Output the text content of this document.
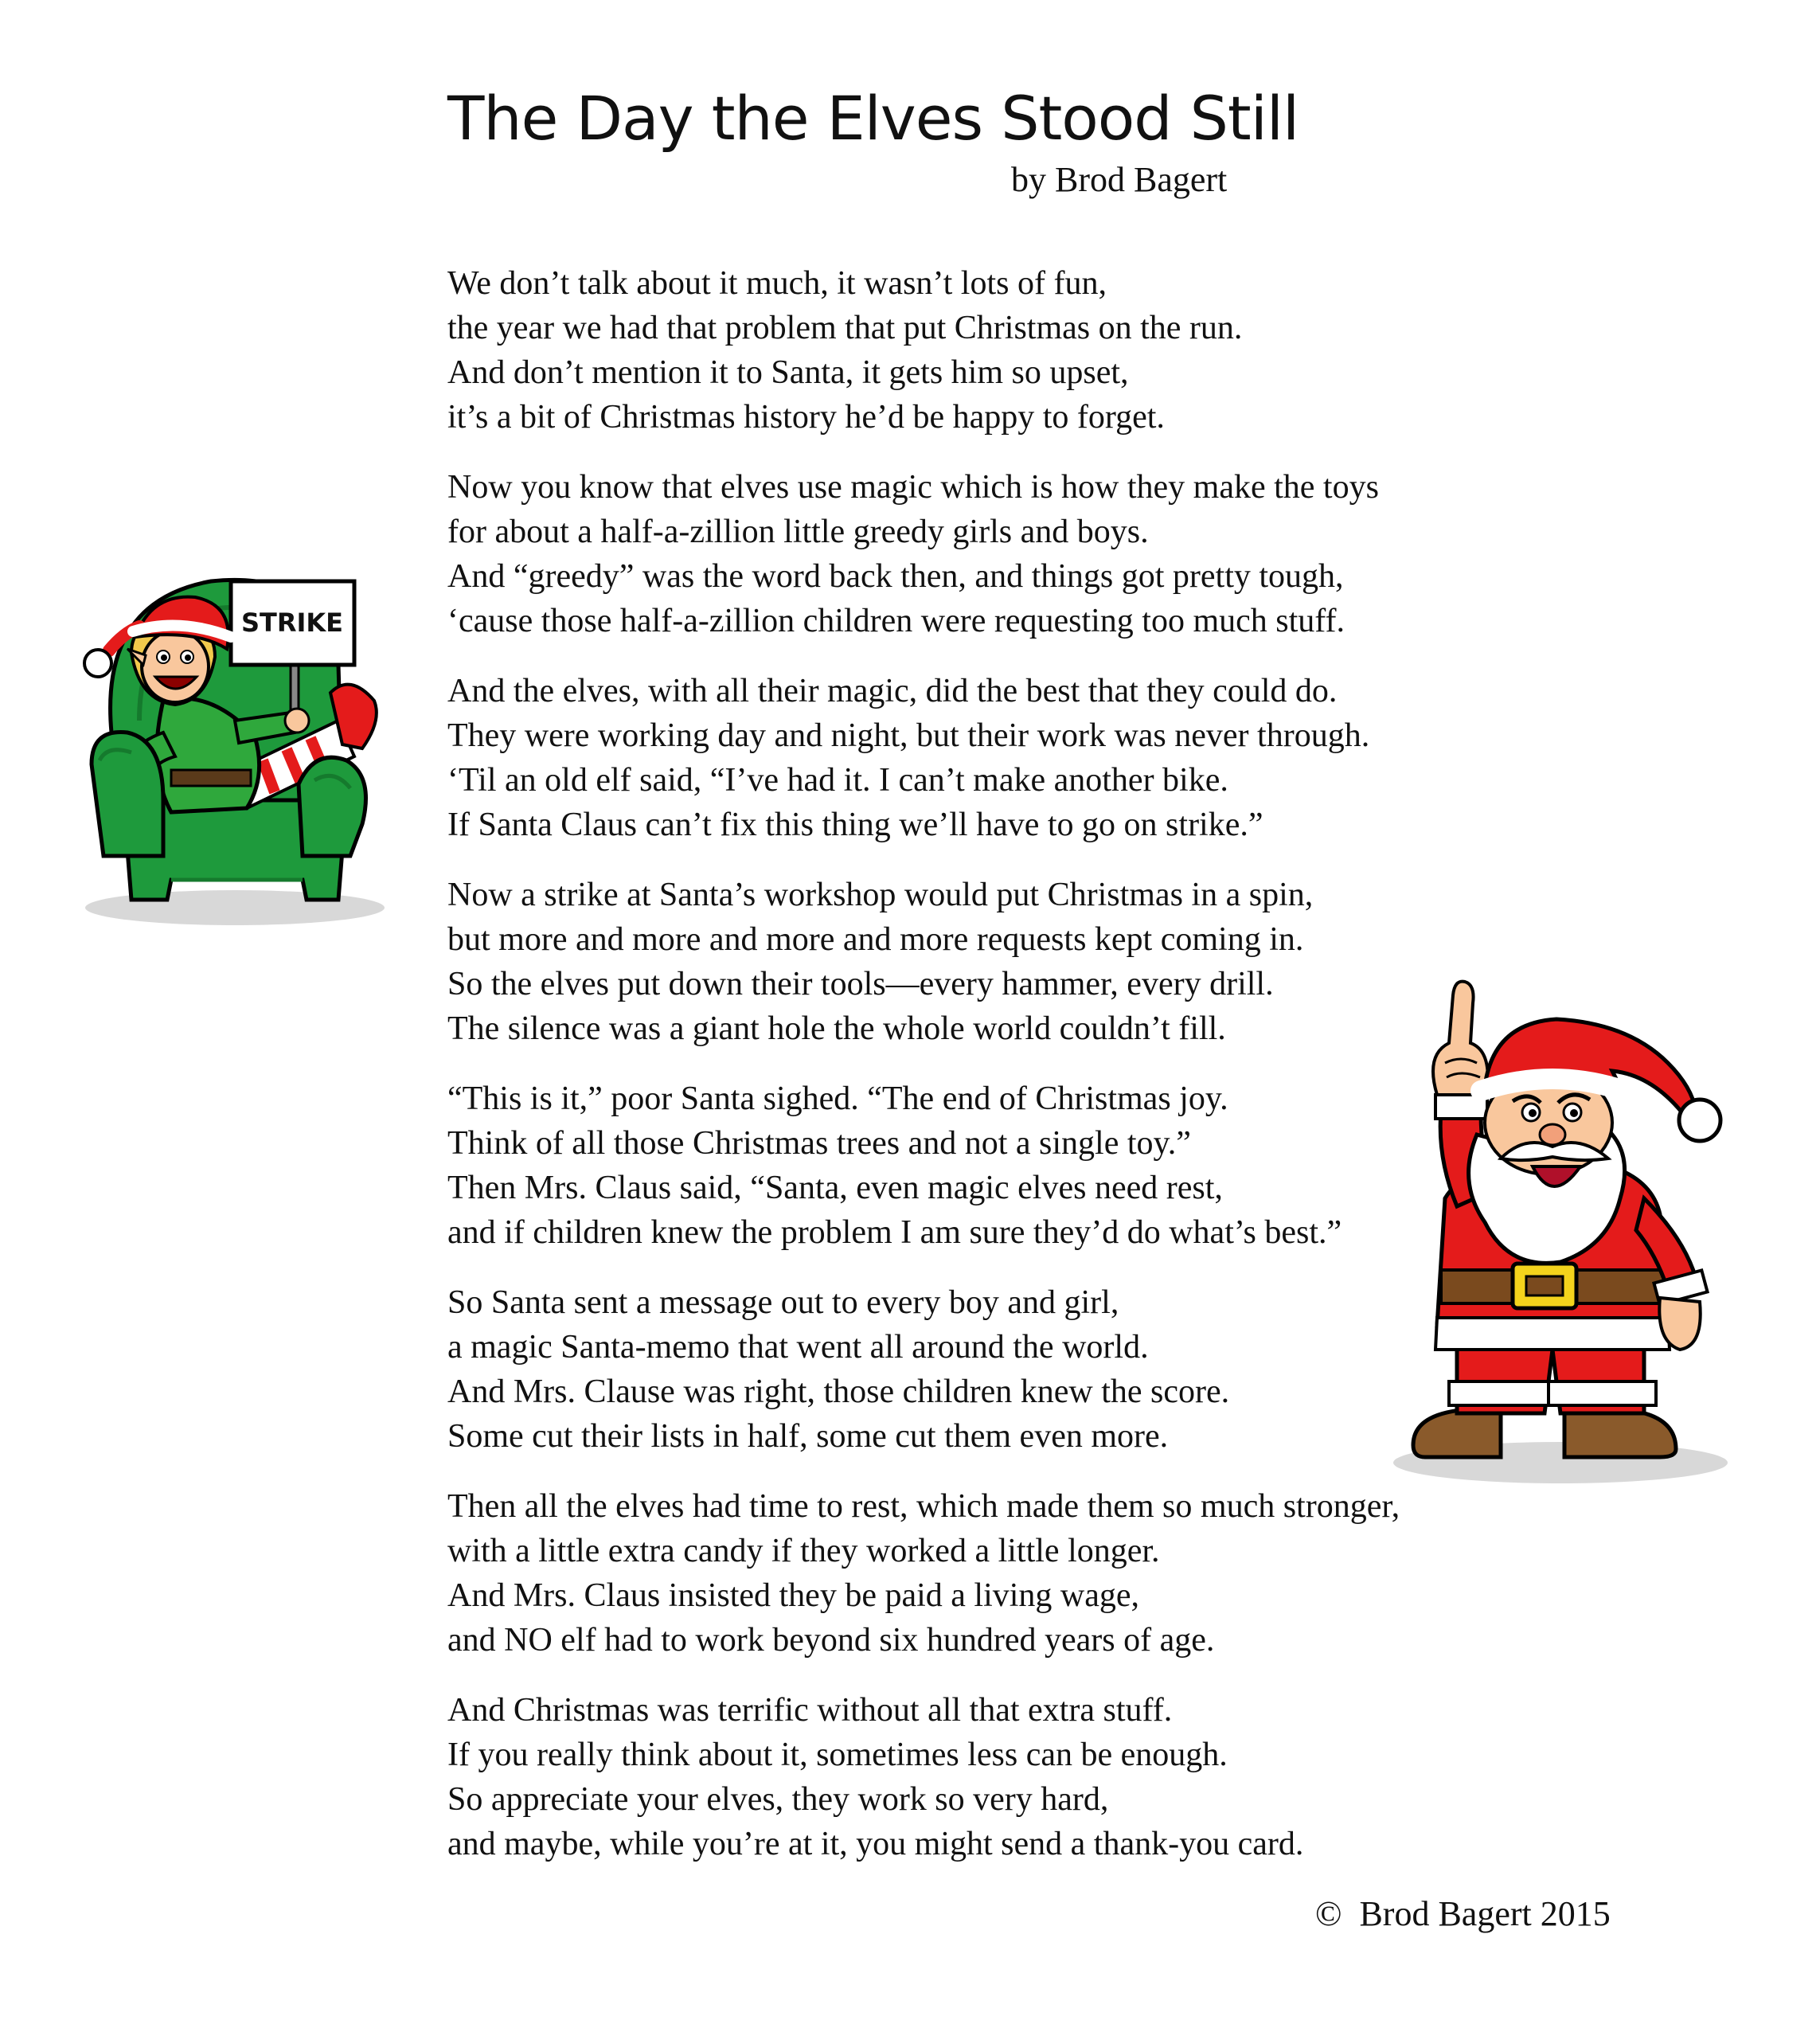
The Day the Elves Stood Still
by Brod Bagert
We don’t talk about it much, it wasn’t lots of fun,
the year we had that problem that put Christmas on the run.
And don’t mention it to Santa, it gets him so upset,
it’s a bit of Christmas history he’d be happy to forget.
Now you know that elves use magic which is how they make the toys
for about a half-a-zillion little greedy girls and boys.
And “greedy” was the word back then, and things got pretty tough,
‘cause those half-a-zillion children were requesting too much stuff.
And the elves, with all their magic, did the best that they could do.
They were working day and night, but their work was never through.
‘Til an old elf said, “I’ve had it. I can’t make another bike.
If Santa Claus can’t fix this thing we’ll have to go on strike.”
Now a strike at Santa’s workshop would put Christmas in a spin,
but more and more and more and more requests kept coming in.
So the elves put down their tools—every hammer, every drill.
The silence was a giant hole the whole world couldn’t fill.
“This is it,” poor Santa sighed. “The end of Christmas joy.
Think of all those Christmas trees and not a single toy.”
Then Mrs. Claus said, “Santa, even magic elves need rest,
and if children knew the problem I am sure they’d do what’s best.”
So Santa sent a message out to every boy and girl,
a magic Santa-memo that went all around the world.
And Mrs. Clause was right, those children knew the score.
Some cut their lists in half, some cut them even more.
Then all the elves had time to rest, which made them so much stronger,
with a little extra candy if they worked a little longer.
And Mrs. Claus insisted they be paid a living wage,
and NO elf had to work beyond six hundred years of age.
And Christmas was terrific without all that extra stuff.
If you really think about it, sometimes less can be enough.
So appreciate your elves, they work so very hard,
and maybe, while you’re at it, you might send a thank-you card.
© Brod Bagert 2015
STRIKE
